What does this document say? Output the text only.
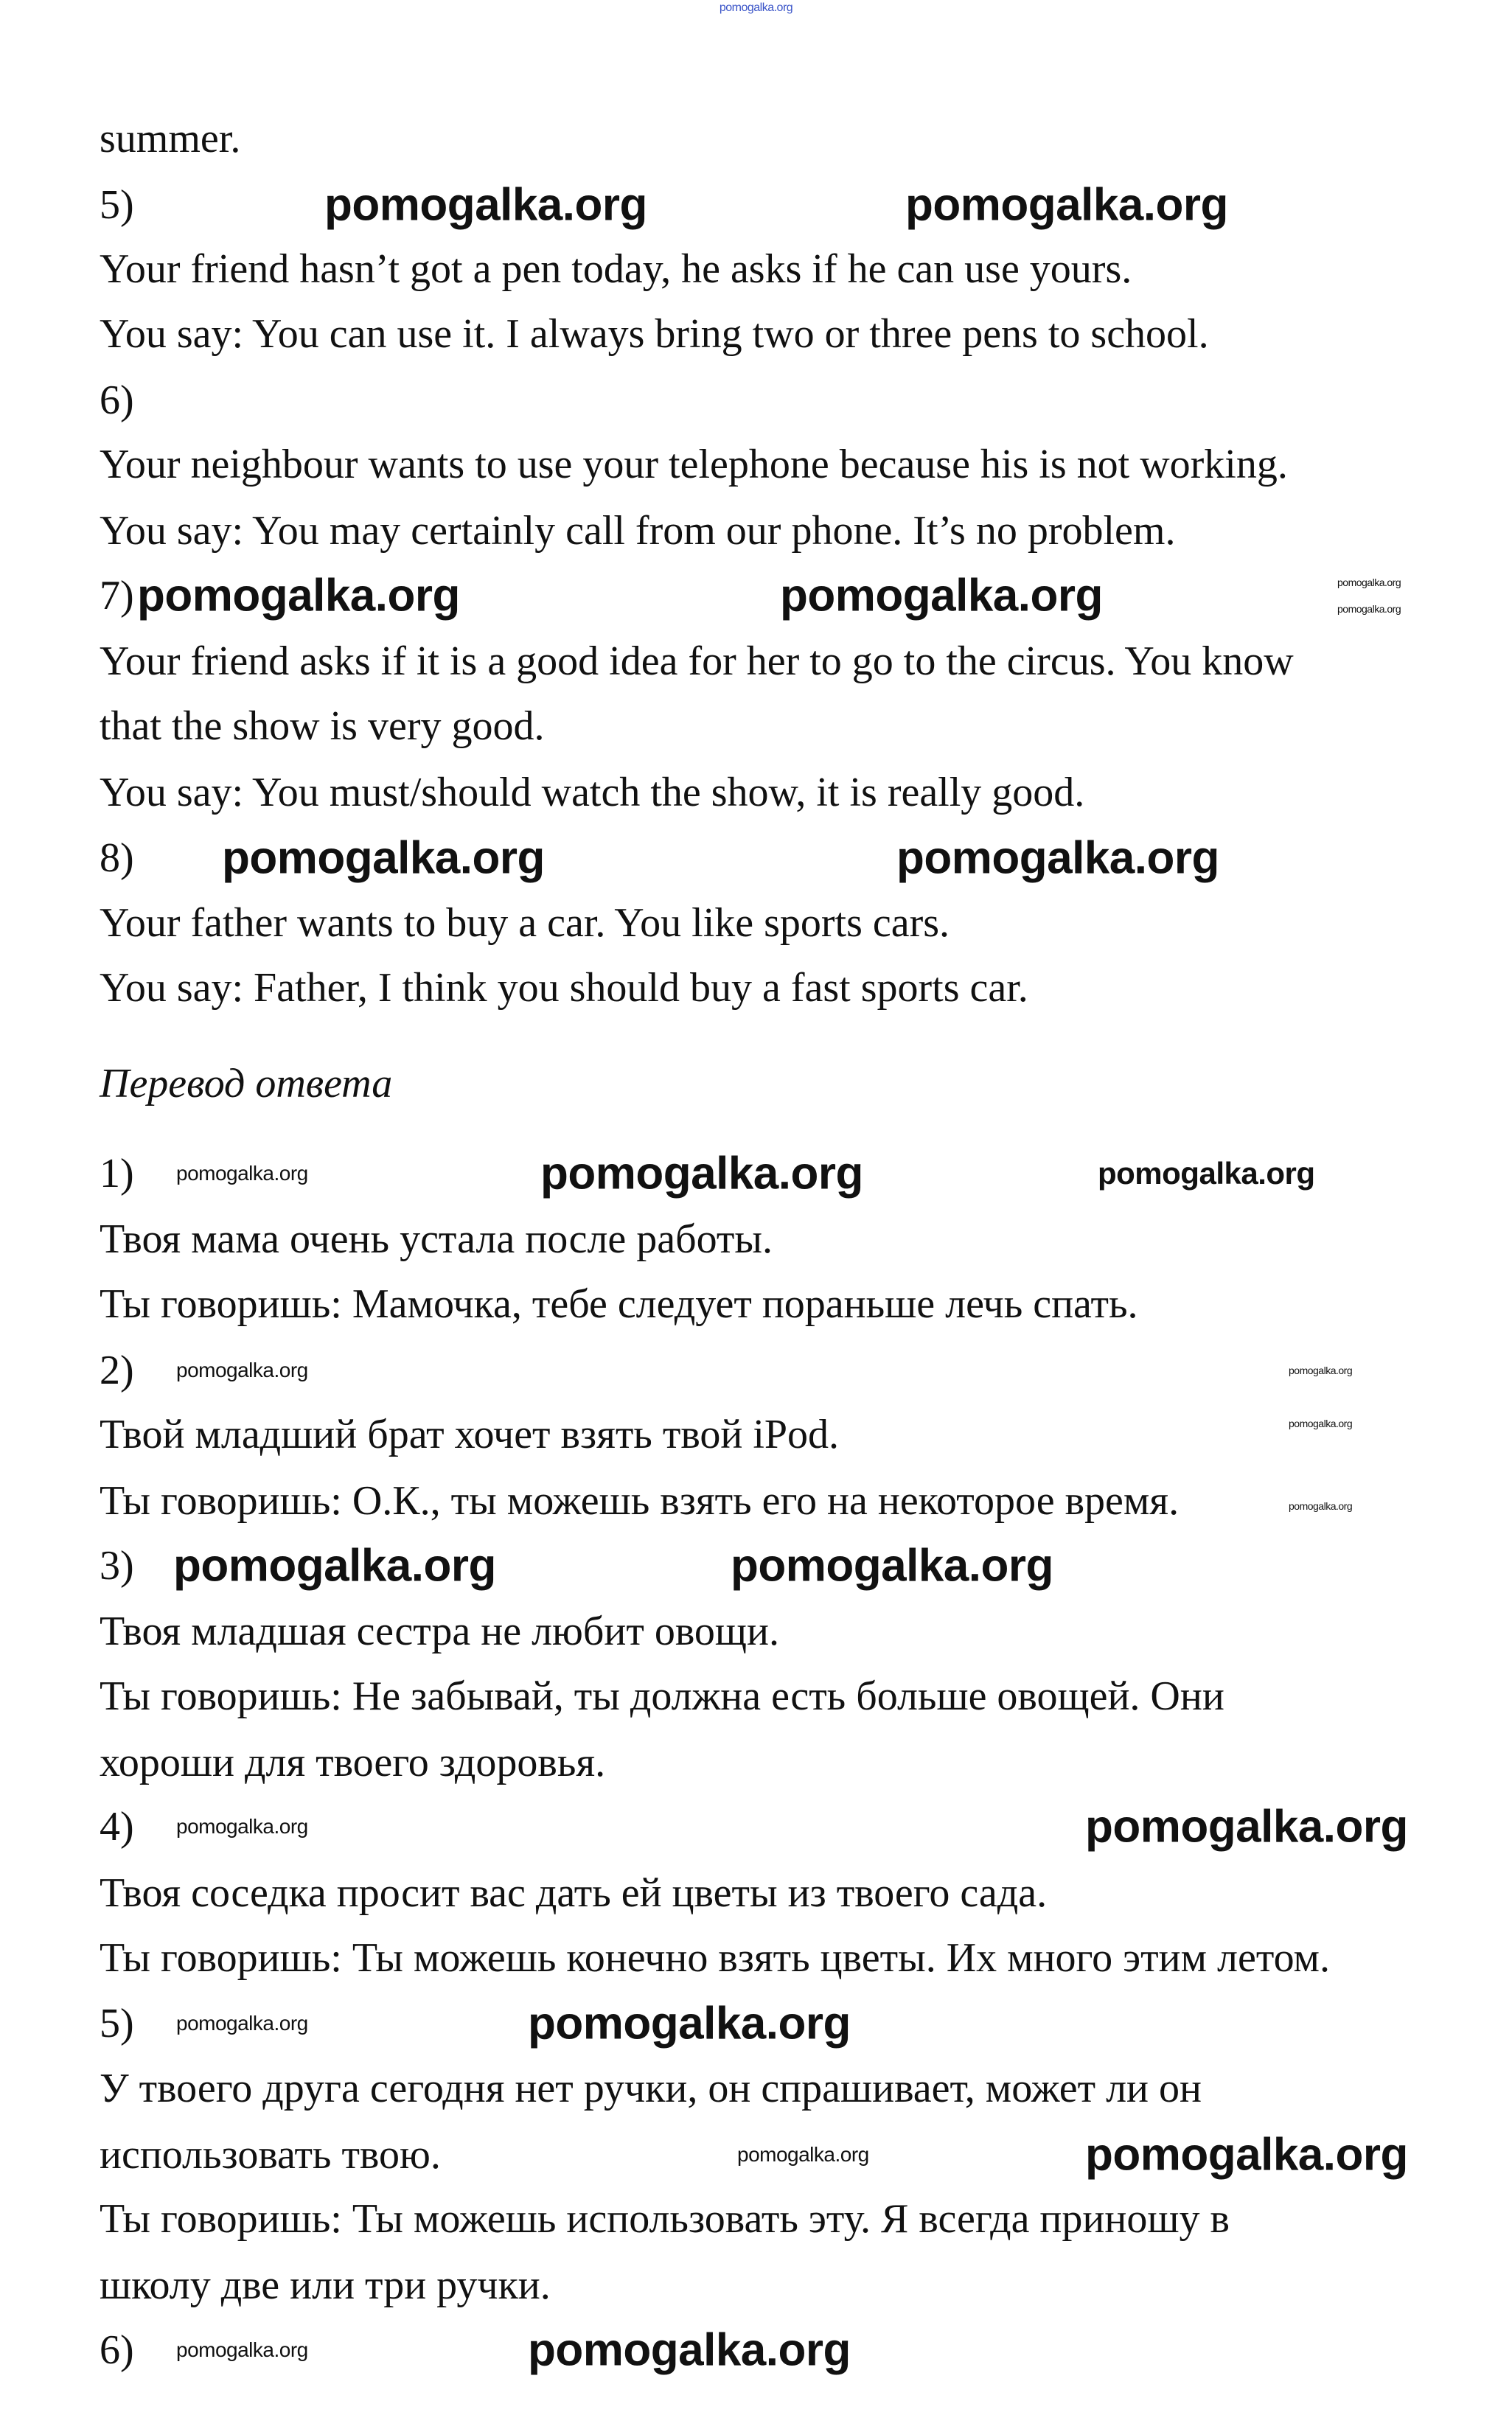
pomogalka.org
summer.
5)
Your friend hasn’t got a pen today, he asks if he can use yours.
You say: You can use it. I always bring two or three pens to school.
6)
Your neighbour wants to use your telephone because his is not working.
You say: You may certainly call from our phone. It’s no problem.
7)
Your friend asks if it is a good idea for her to go to the circus. You know
that the show is very good.
You say: You must/should watch the show, it is really good.
8)
Your father wants to buy a car. You like sports cars.
You say: Father, I think you should buy a fast sports car.
Перевод ответа
1)
Твоя мама очень устала после работы.
Ты говоришь: Мамочка, тебе следует пораньше лечь спать.
2)
Твой младший брат хочет взять твой iPod.
Ты говоришь: О.К., ты можешь взять его на некоторое время.
3)
Твоя младшая сестра не любит овощи.
Ты говоришь: Не забывай, ты должна есть больше овощей. Они
хороши для твоего здоровья.
4)
Твоя соседка просит вас дать ей цветы из твоего сада.
Ты говоришь: Ты можешь конечно взять цветы. Их много этим летом.
5)
У твоего друга сегодня нет ручки, он спрашивает, может ли он
использовать твою.
Ты говоришь: Ты можешь использовать эту. Я всегда приношу в
школу две или три ручки.
6)
pomogalka.org	pomogalka.org
pomogalka.org	pomogalka.org
pomogalka.org	pomogalka.org
pomogalka.org
pomogalka.org
pomogalka.org
pomogalka.org
pomogalka.org
pomogalka.org
pomogalka.org
pomogalka.org
pomogalka.org
pomogalka.org
pomogalka.org
pomogalka.org
pomogalka.org
pomogalka.org
pomogalka.org
pomogalka.org
pomogalka.org
pomogalka.org
pomogalka.org
